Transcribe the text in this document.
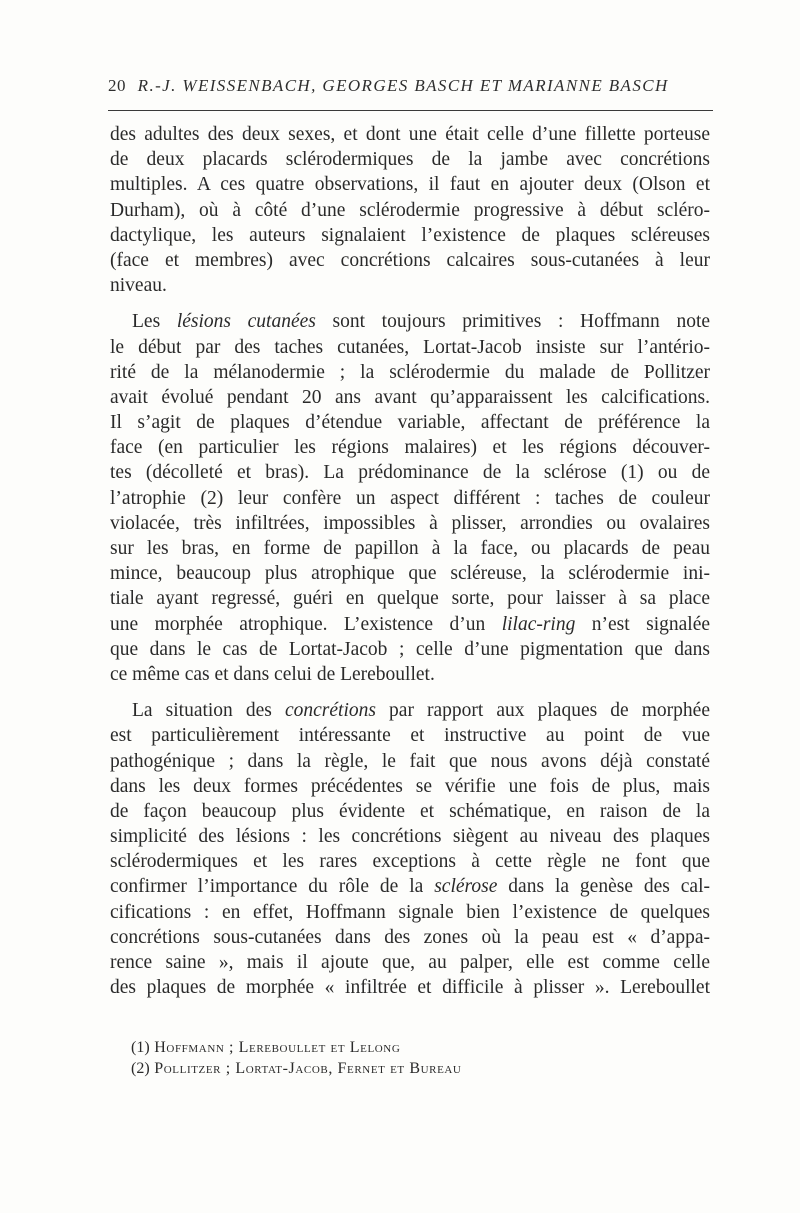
20 R.-J. WEISSENBACH, GEORGES BASCH ET MARIANNE BASCH
des adultes des deux sexes, et dont une était celle d’une fillette porteuse
de deux placards sclérodermiques de la jambe avec concrétions
multiples. A ces quatre observations, il faut en ajouter deux (Olson et
Durham), où à côté d’une sclérodermie progressive à début scléro-
dactylique, les auteurs signalaient l’existence de plaques scléreuses
(face et membres) avec concrétions calcaires sous-cutanées à leur
niveau.
Les lésions cutanées sont toujours primitives : Hoffmann note
le début par des taches cutanées, Lortat-Jacob insiste sur l’antério-
rité de la mélanodermie ; la sclérodermie du malade de Pollitzer
avait évolué pendant 20 ans avant qu’apparaissent les calcifications.
Il s’agit de plaques d’étendue variable, affectant de préférence la
face (en particulier les régions malaires) et les régions découver-
tes (décolleté et bras). La prédominance de la sclérose (1) ou de
l’atrophie (2) leur confère un aspect différent : taches de couleur
violacée, très infiltrées, impossibles à plisser, arrondies ou ovalaires
sur les bras, en forme de papillon à la face, ou placards de peau
mince, beaucoup plus atrophique que scléreuse, la sclérodermie ini-
tiale ayant regressé, guéri en quelque sorte, pour laisser à sa place
une morphée atrophique. L’existence d’un lilac-ring n’est signalée
que dans le cas de Lortat-Jacob ; celle d’une pigmentation que dans
ce même cas et dans celui de Lereboullet.
La situation des concrétions par rapport aux plaques de morphée
est particulièrement intéressante et instructive au point de vue
pathogénique ; dans la règle, le fait que nous avons déjà constaté
dans les deux formes précédentes se vérifie une fois de plus, mais
de façon beaucoup plus évidente et schématique, en raison de la
simplicité des lésions : les concrétions siègent au niveau des plaques
sclérodermiques et les rares exceptions à cette règle ne font que
confirmer l’importance du rôle de la sclérose dans la genèse des cal-
cifications : en effet, Hoffmann signale bien l’existence de quelques
concrétions sous-cutanées dans des zones où la peau est « d’appa-
rence saine », mais il ajoute que, au palper, elle est comme celle
des plaques de morphée « infiltrée et difficile à plisser ». Lereboullet
(1) Hoffmann ; Lereboullet et Lelong
(2) Pollitzer ; Lortat-Jacob, Fernet et Bureau
